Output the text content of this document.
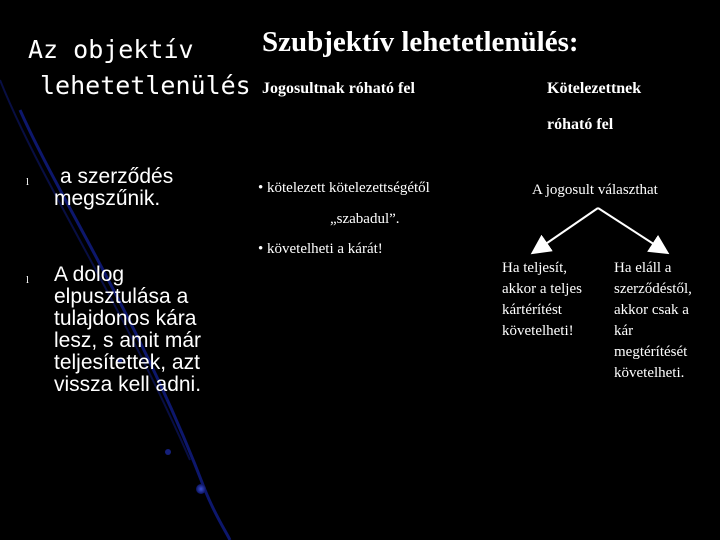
Az objektív
lehetetlenülés
l a szerződés
megszűnik.
l A dolog
elpusztulása a
tulajdonos kára
lesz, s amit már
teljesítettek, azt
vissza kell adni.
Szubjektív lehetetlenülés:
Jogosultnak róható fel	Kötelezettnek
róható fel
• kötelezett kötelezettségétől
„szabadul”.
• követelheti a kárát!
A jogosult választhat
Ha teljesít,
akkor a teljes
kártérítést
követelheti!
Ha eláll a
szerződéstől,
akkor csak a
kár
megtérítését
követelheti.
